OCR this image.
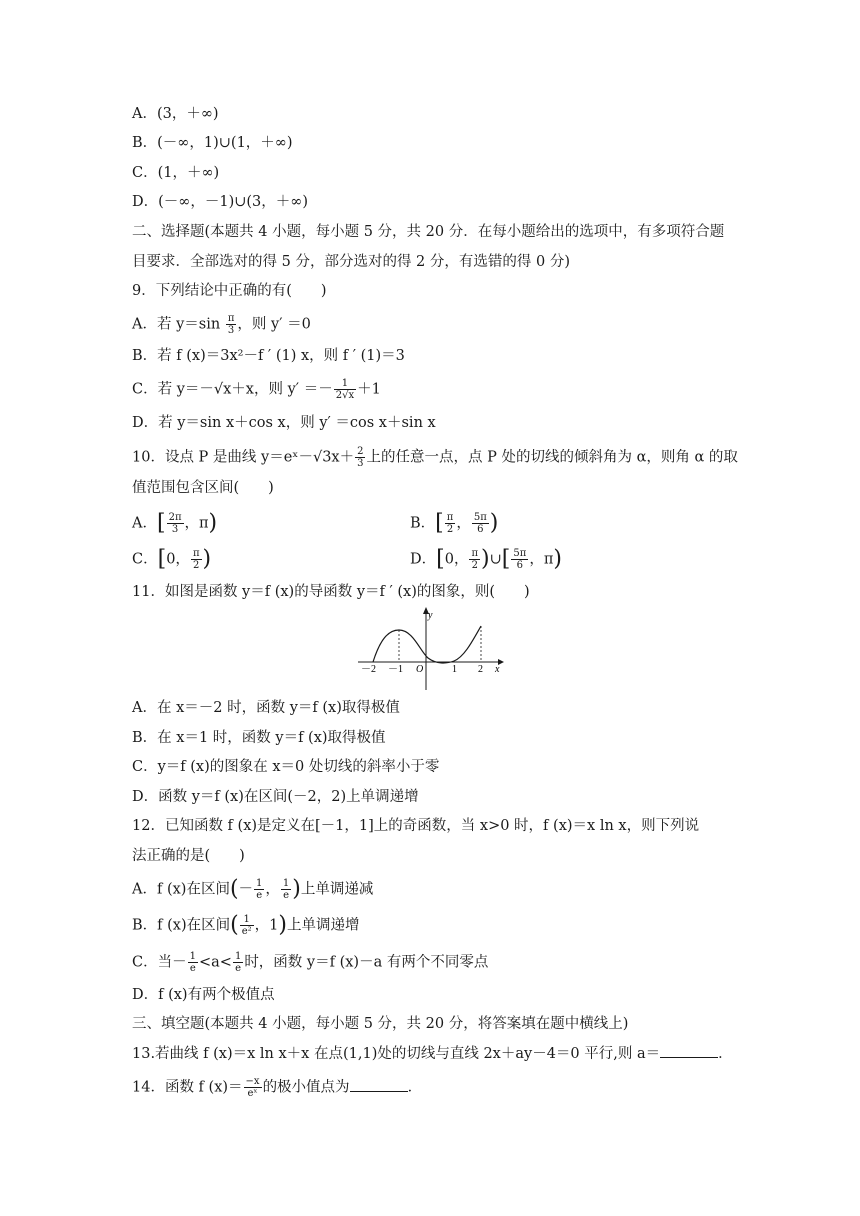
A．(3，＋∞)
B．(－∞，1)∪(1，＋∞)
C．(1，＋∞)
D．(－∞，－1)∪(3，＋∞)
二、选择题(本题共 4 小题，每小题 5 分，共 20 分．在每小题给出的选项中，有多项符合题
目要求．全部选对的得 5 分，部分选对的得 2 分，有选错的得 0 分)
9．下列结论中正确的有(　　)
A．若 $y=\sin \frac{\pi}{3}$ ，则 y′ ＝0
B．若 f (x)＝3x²－f ′ (1) x，则 f ′ (1)＝3
C．若 y＝－√x＋x，则 $y' =- \frac{1}{2√x} +1$
D．若 y＝sin x＋cos x，则 y′ ＝cos x＋sin x
10．设点 P 是曲线 y＝eˣ－√3x＋ $\frac{2}{3}$ 上的任意一点，点 P 处的切线的倾斜角为 α，则角 α 的取
值范围包含区间(　　)
A．[ $\frac{2\pi}{3}$ ，π)	B．[ $\frac{\pi}{2}$ ， $\frac{5\pi}{6}$ )
C．[0， $\frac{\pi}{2}$ )	D．[0， $\frac{\pi}{2}$ )∪[ $\frac{5\pi}{6}$ ，π)
11．如图是函数 y＝f (x)的导函数 y＝f ′ (x)的图象，则(　　)
y
x
O
－2 －1	1 2
A．在 x＝－2 时，函数 y＝f (x)取得极值
B．在 x＝1 时，函数 y＝f (x)取得极值
C．y＝f (x)的图象在 x＝0 处切线的斜率小于零
D．函数 y＝f (x)在区间(－2，2)上单调递增
12．已知函数 f (x)是定义在[－1，1]上的奇函数，当 x>0 时，f (x)＝x ln x，则下列说
法正确的是(　　)
A．f (x)在区间(－ $\frac{1}{e}$ ， $\frac{1}{e}$ )上单调递减
B．f (x)在区间( $\frac{1}{\text{e²}}$ ，1)上单调递增
C．当－ $\frac{1}{e} <a< \frac{1}{e}$ 时，函数 y＝f (x)－a 有两个不同零点
D．f (x)有两个极值点
三、填空题(本题共 4 小题，每小题 5 分，共 20 分，将答案填在题中横线上)
13.若曲线 f (x)＝x ln x＋x 在点(1,1)处的切线与直线 2x＋ay－4＝0 平行,则 a＝	．
14．函数 f $(x)= \frac{-x}{\text{eˣ}}$ 的极小值点为	．
